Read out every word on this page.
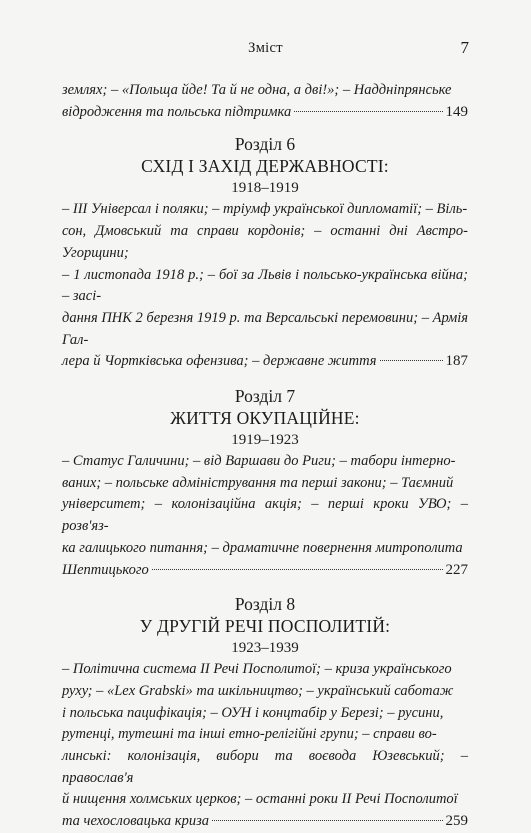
Зміст	7

землях; – «Польща йде! Та й не одна, а дві!»; – Наддніпрянське

відродження та польська підтримка	149
Розділ 6
СХІД І ЗАХІД ДЕРЖАВНОСТІ:
1918–1919

– ІІІ Універсал і поляки; – тріумф української дипломатії; – Віль-

сон, Дмовський та справи кордонів; – останні дні Австро-Угорщини;

– 1 листопада 1918 р.; – бої за Львів і польсько-українська війна; – засі-

дання ПНК 2 березня 1919 р. та Версальські перемовини; – Армія Гал-

лера й Чортківська офензива; – державне життя	187
Розділ 7
ЖИТТЯ ОКУПАЦІЙНЕ:
1919–1923

– Статус Галичини; – від Варшави до Риги; – табори інтерно-

ваних; – польське адміністрування та перші закони; – Таємний

університет; – колонізаційна акція; – перші кроки УВО; – розв'яз-

ка галицького питання; – драматичне повернення митрополита

Шептицького	227
Розділ 8
У ДРУГІЙ РЕЧІ ПОСПОЛИТІЙ:
1923–1939

– Політична система ІІ Речі Посполитої; – криза українського

руху; – «Lex Grabski» та шкільництво; – український саботаж

і польська пацифікація; – ОУН і концтабір у Березі; – русини,

рутенці, тутешні та інші етно-релігійні групи; – справи во-

линські: колонізація, вибори та воєвода Юзевський; – православ'я

й нищення холмських церков; – останні роки ІІ Речі Посполитої

та чехословацька криза	259
